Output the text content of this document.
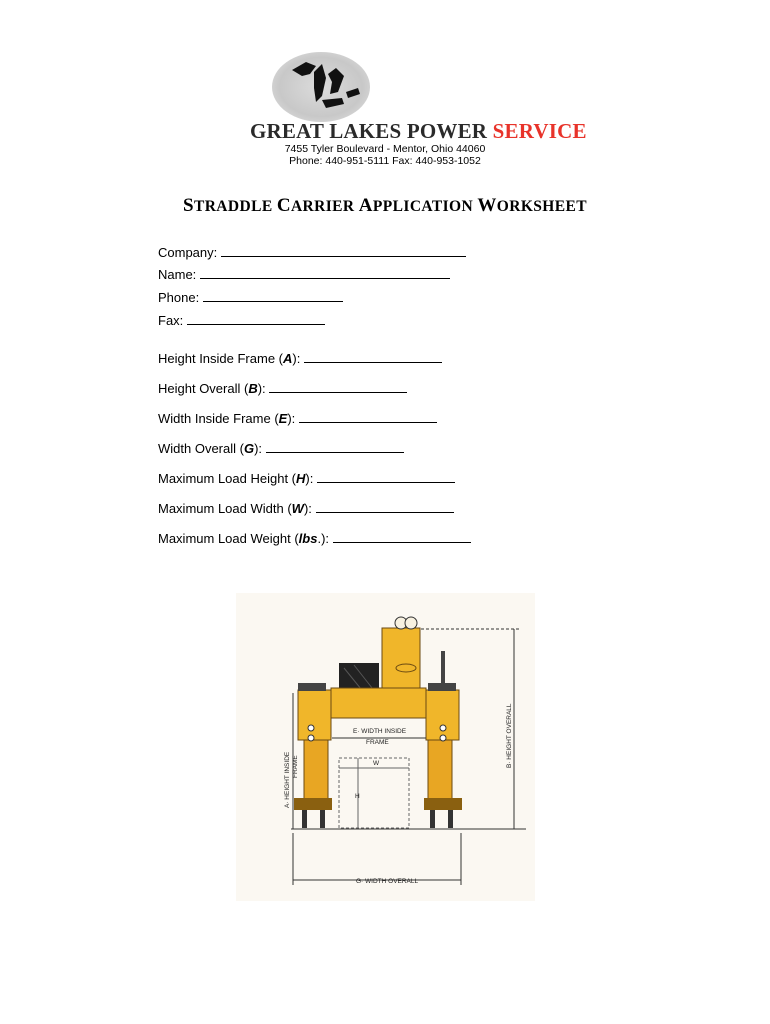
GREAT LAKES POWER SERVICE
7455 Tyler Boulevard - Mentor, Ohio 44060
Phone: 440-951-5111 Fax: 440-953-1052
STRADDLE CARRIER APPLICATION WORKSHEET
Company:
Name:
Phone:
Fax:
Height Inside Frame (A):
Height Overall (B):
Width Inside Frame (E):
Width Overall (G):
Maximum Load Height (H):
Maximum Load Width (W):
Maximum Load Weight (lbs.):
E· WIDTH INSIDE
FRAME
W
H
G· WIDTH OVERALL
A· HEIGHT INSIDE FRAME	B· HEIGHT OVERALL
